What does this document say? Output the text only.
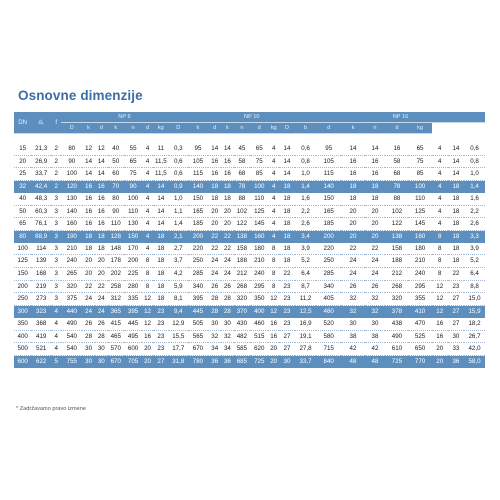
Osnovne dimenzije
DN	d₁	f	NP 6								NP 10								NP 16							
			D	k	d	k	n	d	kg	D	k	d	k	n	d	kg	D	b	d	k	n	d	kg			

15	21,3	2	80	12	12	40	55	4	11	0,3	95	14	14	45	65	4	14	0,6	95	14	14	16	65	4	14	0,6
20	26,9	2	90	14	14	50	65	4	11,5	0,6	105	16	16	58	75	4	14	0,8	105	16	16	58	75	4	14	0,8
25	33,7	2	100	14	14	60	75	4	11,5	0,6	115	16	16	68	85	4	14	1,0	115	16	16	68	85	4	14	1,0
32	42,4	2	120	16	16	70	90	4	14	0,9	140	18	18	78	100	4	18	1,4	140	18	18	78	100	4	18	1,4
40	48,3	3	130	16	16	80	100	4	14	1,0	150	18	18	88	110	4	18	1,6	150	18	18	88	110	4	18	1,6
50	60,3	3	140	16	16	90	110	4	14	1,1	165	20	20	102	125	4	18	2,2	165	20	20	102	125	4	18	2,2
65	76,1	3	160	16	16	110	130	4	14	1,4	185	20	20	122	145	4	18	2,6	185	20	20	122	145	4	18	2,6
80	88,9	3	190	18	18	128	150	4	18	2,1	200	22	22	138	160	4	18	3,4	200	20	20	138	160	8	18	3,3
100	114	3	210	18	18	148	170	4	18	2,7	220	22	22	158	180	8	18	3,9	220	22	22	158	180	8	18	3,9
125	139	3	240	20	20	178	200	8	18	3,7	250	24	24	188	210	8	18	5,2	250	24	24	188	210	8	18	5,2
150	168	3	265	20	20	202	225	8	18	4,2	285	24	24	212	240	8	22	6,4	285	24	24	212	240	8	22	6,4
200	219	3	320	22	22	258	280	8	18	5,9	340	26	26	268	295	8	23	8,7	340	26	26	268	295	12	23	8,8
250	273	3	375	24	24	312	335	12	18	8,1	395	28	28	320	350	12	23	11,2	405	32	32	320	355	12	27	15,0
300	323	4	440	24	24	365	395	12	23	9,4	445	28	28	370	400	12	23	12,5	460	32	32	378	410	12	27	15,9
350	368	4	490	26	26	415	445	12	23	12,9	505	30	30	430	460	16	23	16,9	520	30	30	438	470	16	27	18,2
400	419	4	540	28	28	465	495	16	23	15,5	565	32	32	482	515	16	27	19,1	580	38	38	490	525	16	30	26,7
500	521	4	540	30	30	570	600	20	23	17,7	670	34	34	585	620	20	27	27,8	715	42	42	610	650	20	33	42,0
600	622	5	755	30	30	670	705	20	27	31,8	780	36	36	685	725	20	30	33,7	840	48	48	725	770	20	36	58,0
* Zadržavamo pravo izmene
